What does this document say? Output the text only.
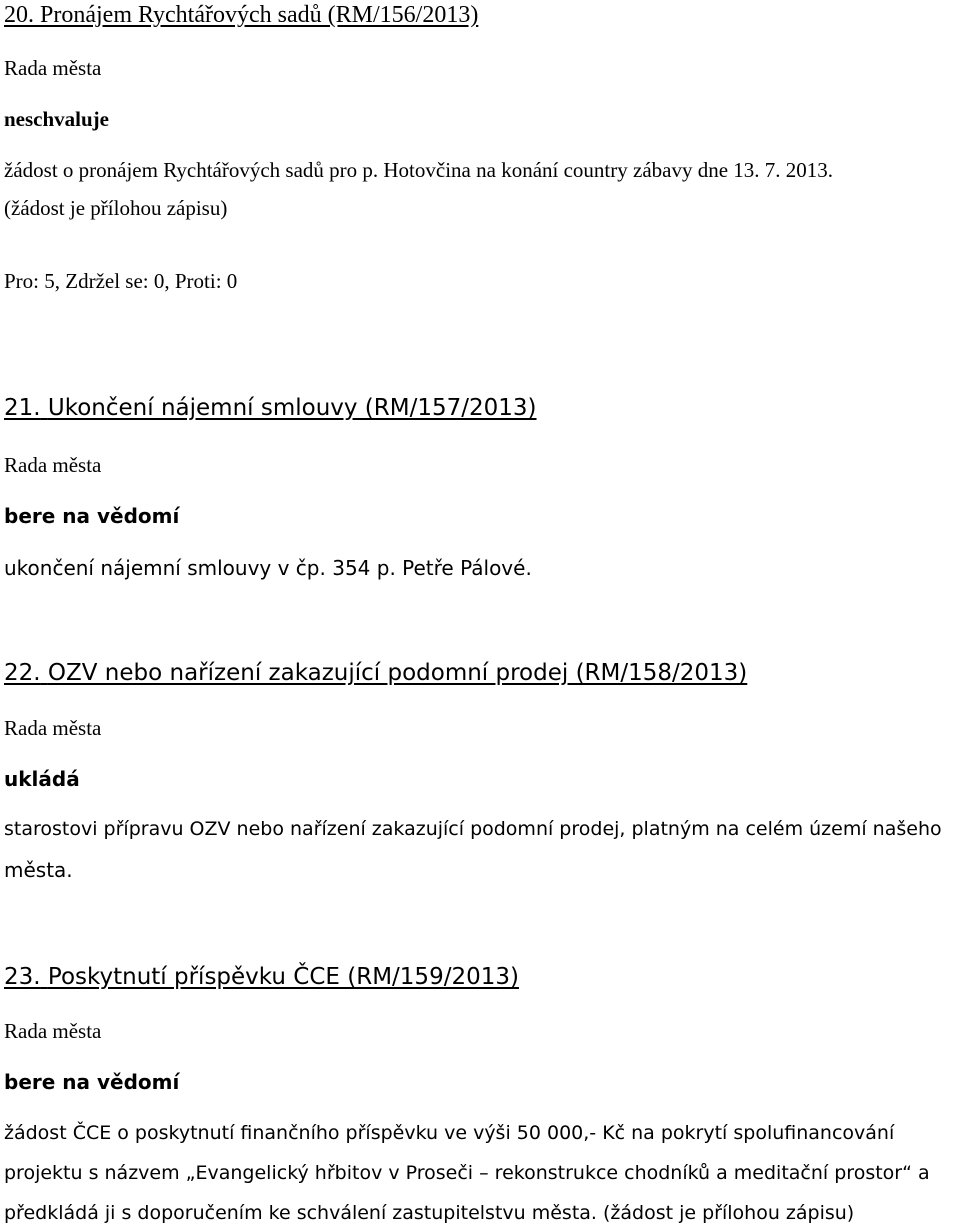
20. Pronájem Rychtářových sadů (RM/156/2013)
Rada města
neschvaluje
žádost o pronájem Rychtářových sadů pro p. Hotovčina na konání country zábavy dne 13. 7. 2013.
(žádost je přílohou zápisu)
Pro: 5, Zdržel se: 0, Proti: 0
21. Ukončení nájemní smlouvy (RM/157/2013)
Rada města
bere na vědomí
ukončení nájemní smlouvy v čp. 354 p. Petře Pálové.
22. OZV nebo nařízení zakazující podomní prodej (RM/158/2013)
Rada města
ukládá
starostovi přípravu OZV nebo nařízení zakazující podomní prodej, platným na celém území našeho
města.
23. Poskytnutí příspěvku ČCE (RM/159/2013)
Rada města
bere na vědomí
žádost ČCE o poskytnutí finančního příspěvku ve výši 50 000,- Kč na pokrytí spolufinancování
projektu s názvem „Evangelický hřbitov v Proseči – rekonstrukce chodníků a meditační prostor“ a
předkládá ji s doporučením ke schválení zastupitelstvu města. (žádost je přílohou zápisu)
